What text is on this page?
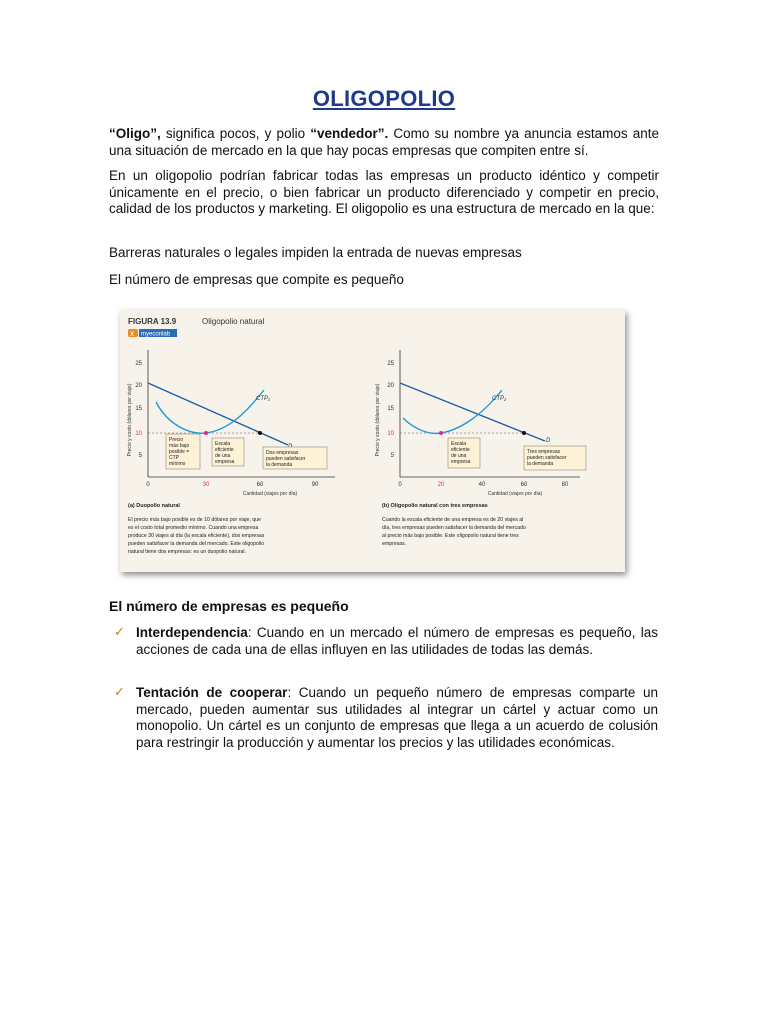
OLIGOPOLIO
“Oligo”, significa pocos, y polio “vendedor”. Como su nombre ya anuncia estamos ante una situación de mercado en la que hay pocas empresas que compiten entre sí.
En un oligopolio podrían fabricar todas las empresas un producto idéntico y competir únicamente en el precio, o bien fabricar un producto diferenciado y competir en precio, calidad de los productos y marketing. El oligopolio es una estructura de mercado en la que:
Barreras naturales o legales impiden la entrada de nuevas empresas
El número de empresas que compite es pequeño
FIGURA 13.9	Oligopolio natural
X myeconlab
Precio y costo (dólares por viaje)
25
20
15
10
5
0	30	60	90
Cantidad (viajes por día)
CTP₁
Precio más bajo posible = CTP mínimo
Escala eficiente de una empresa
Dos empresas pueden satisfacer la demanda
(a) Duopolio natural
El precio más bajo posible es de 10 dólares por viaje, que es el costo total promedio mínimo. Cuando una empresa produce 30 viajes al día (la escala eficiente), dos empresas pueden satisfacer la demanda del mercado. Este oligopolio natural tiene dos empresas: es un duopolio natural.
Precio y costo (dólares por viaje)
25
20
15
10
5
0	20	40	60	80
Cantidad (viajes por día)
D
CTP₂
Escala eficiente de una empresa
Tres empresas pueden satisfacer la demanda
(b) Oligopolio natural con tres empresas
Cuando la escala eficiente de una empresa es de 20 viajes al día, tres empresas pueden satisfacer la demanda del mercado al precio más bajo posible. Este oligopolio natural tiene tres empresas.
El número de empresas es pequeño
✓ Interdependencia: Cuando en un mercado el número de empresas es pequeño, las acciones de cada una de ellas influyen en las utilidades de todas las demás.
✓ Tentación de cooperar: Cuando un pequeño número de empresas comparte un mercado, pueden aumentar sus utilidades al integrar un cártel y actuar como un monopolio. Un cártel es un conjunto de empresas que llega a un acuerdo de colusión para restringir la producción y aumentar los precios y las utilidades económicas.
